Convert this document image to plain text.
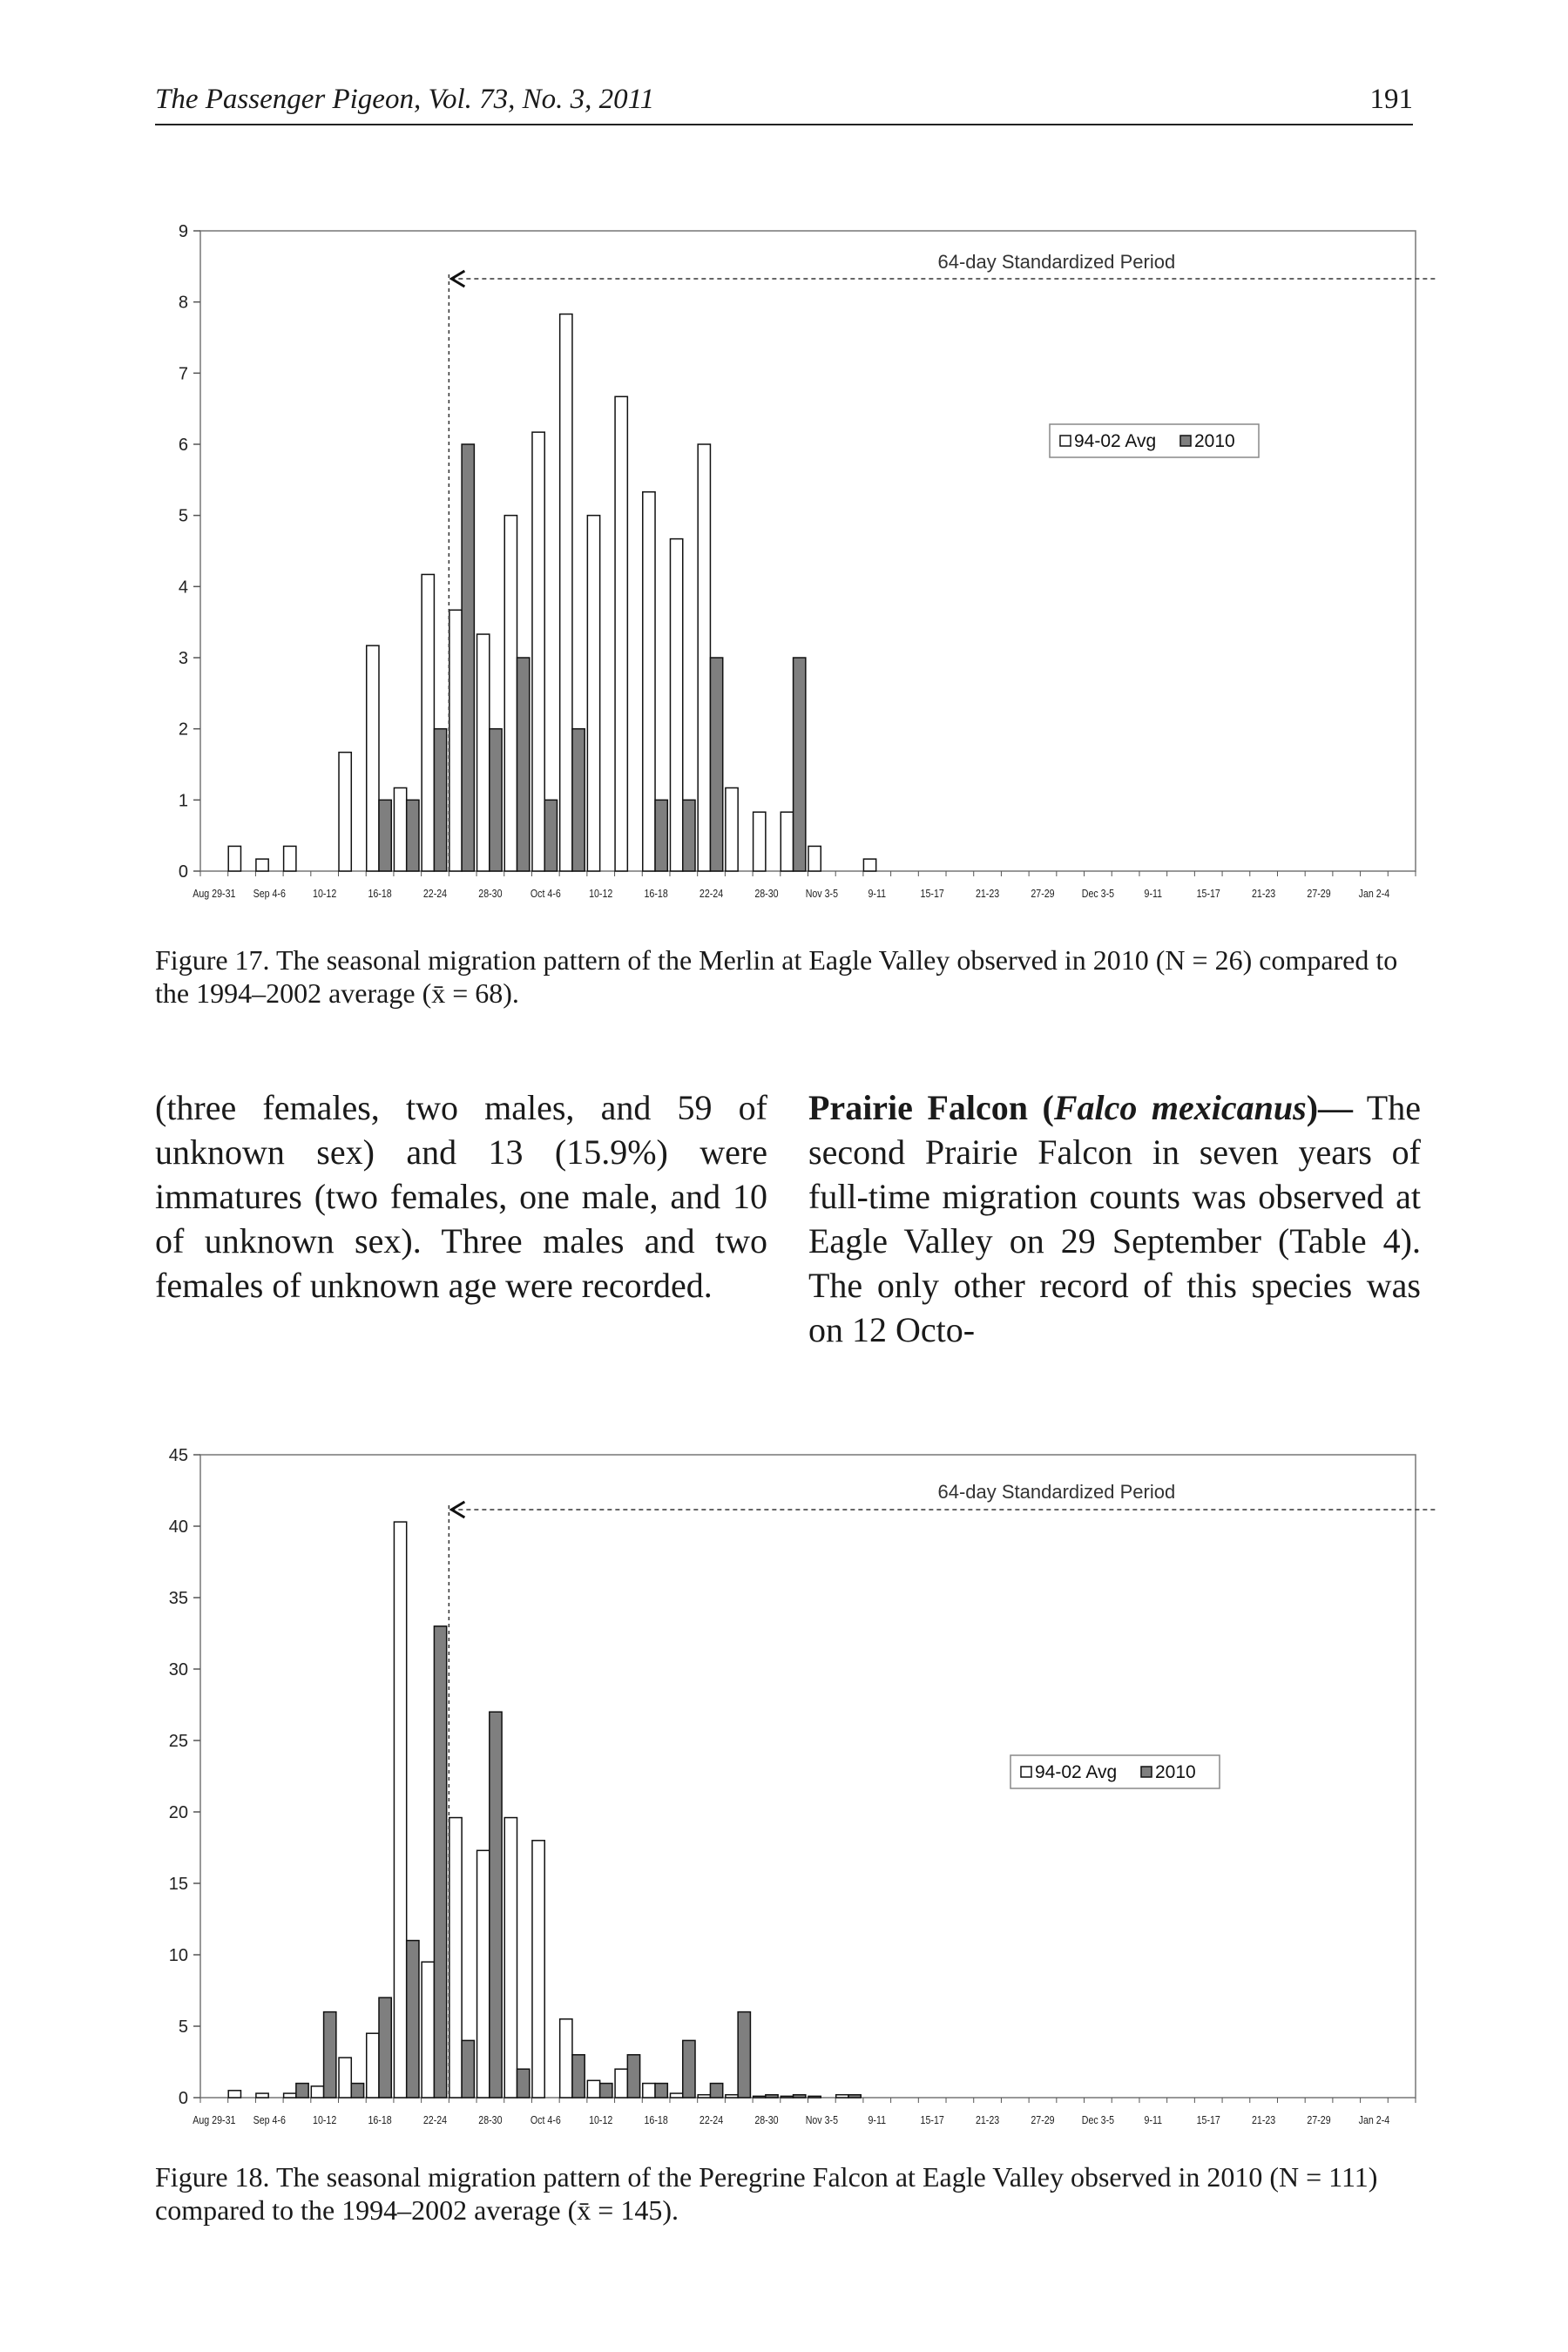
The Passenger Pigeon, Vol. 73, No. 3, 2011	191
0
1
2
3
4
5
6
7
8
9
Aug 29-31 Sep 4-6 10-12	16-18	22-24	28-30 Oct 4-6 10-12	16-18	22-24	28-30 Nov 3-5	9-11	15-17	21-23	27-29 Dec 3-5	9-11	15-17	21-23	27-29 Jan 2-4
64-day Standardized Period
94-02 Avg 2010
Figure 17. The seasonal migration pattern of the Merlin at Eagle Valley observed in 2010 (N = 26) compared to the 1994–2002 average (x̄ = 68).

(three females, two males, and 59 of unknown sex) and 13 (15.9%) were immatures (two females, one male, and 10 of unknown sex). Three males and two females of unknown age were recorded.

Prairie Falcon (Falco mexicanus)— The second Prairie Falcon in seven years of full-time migration counts was observed at Eagle Valley on 29 September (Table 4). The only other record of this species was on 12 Octo-

0
5
10
15
20
25
30
35
40
45
Aug 29-31 Sep 4-6 10-12	16-18	22-24	28-30 Oct 4-6 10-12	16-18	22-24	28-30 Nov 3-5	9-11	15-17	21-23	27-29 Dec 3-5	9-11	15-17	21-23	27-29 Jan 2-4
64-day Standardized Period
94-02 Avg 2010
Figure 18. The seasonal migration pattern of the Peregrine Falcon at Eagle Valley observed in 2010 (N = 111) compared to the 1994–2002 average (x̄ = 145).
